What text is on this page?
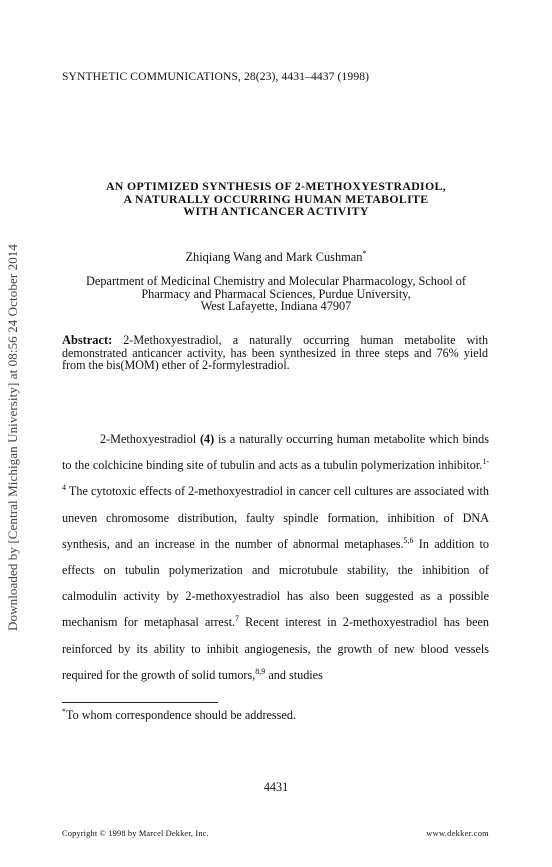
Downloaded by [Central Michigan University] at 08:56 24 October 2014
SYNTHETIC COMMUNICATIONS, 28(23), 4431–4437 (1998)
AN OPTIMIZED SYNTHESIS OF 2-METHOXYESTRADIOL,
A NATURALLY OCCURRING HUMAN METABOLITE
WITH ANTICANCER ACTIVITY
Zhiqiang Wang and Mark Cushman*
Department of Medicinal Chemistry and Molecular Pharmacology, School of
Pharmacy and Pharmacal Sciences, Purdue University,
West Lafayette, Indiana 47907
Abstract: 2-Methoxyestradiol, a naturally occurring human metabolite with demonstrated anticancer activity, has been synthesized in three steps and 76% yield from the bis(MOM) ether of 2-formylestradiol.
2-Methoxyestradiol (4) is a naturally occurring human metabolite which binds to the colchicine binding site of tubulin and acts as a tubulin polymerization inhibitor.$^{1-4}$ The cytotoxic effects of 2-methoxyestradiol in cancer cell cultures are associated with uneven chromosome distribution, faulty spindle formation, inhibition of DNA synthesis, and an increase in the number of abnormal metaphases.$^{5,6}$ In addition to effects on tubulin polymerization and microtubule stability, the inhibition of calmodulin activity by 2-methoxyestradiol has also been suggested as a possible mechanism for metaphasal arrest.$^7$ Recent interest in 2-methoxyestradiol has been reinforced by its ability to inhibit angiogenesis, the growth of new blood vessels required for the growth of solid tumors,$^{8,9}$ and studies
*To whom correspondence should be addressed.
4431
Copyright © 1998 by Marcel Dekker, Inc.	www.dekker.com
